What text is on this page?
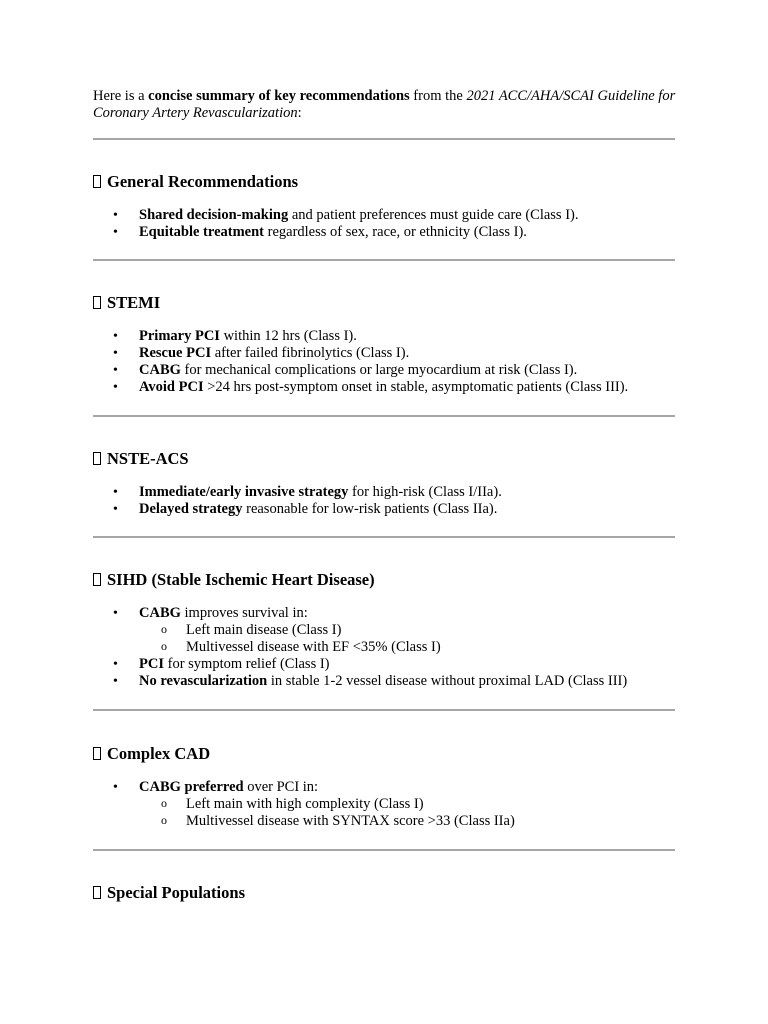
Here is a concise summary of key recommendations from the 2021 ACC/AHA/SCAI Guideline for Coronary Artery Revascularization:

General Recommendations
• Shared decision-making and patient preferences must guide care (Class I).
• Equitable treatment regardless of sex, race, or ethnicity (Class I).
STEMI
• Primary PCI within 12 hrs (Class I).
• Rescue PCI after failed fibrinolytics (Class I).
• CABG for mechanical complications or large myocardium at risk (Class I).
• Avoid PCI >24 hrs post-symptom onset in stable, asymptomatic patients (Class III).
NSTE-ACS
• Immediate/early invasive strategy for high-risk (Class I/IIa).
• Delayed strategy reasonable for low-risk patients (Class IIa).
SIHD (Stable Ischemic Heart Disease)
• CABG improves survival in:
o Left main disease (Class I)
o Multivessel disease with EF <35% (Class I)
• PCI for symptom relief (Class I)
• No revascularization in stable 1-2 vessel disease without proximal LAD (Class III)
Complex CAD
• CABG preferred over PCI in:
o Left main with high complexity (Class I)
o Multivessel disease with SYNTAX score >33 (Class IIa)
Special Populations
